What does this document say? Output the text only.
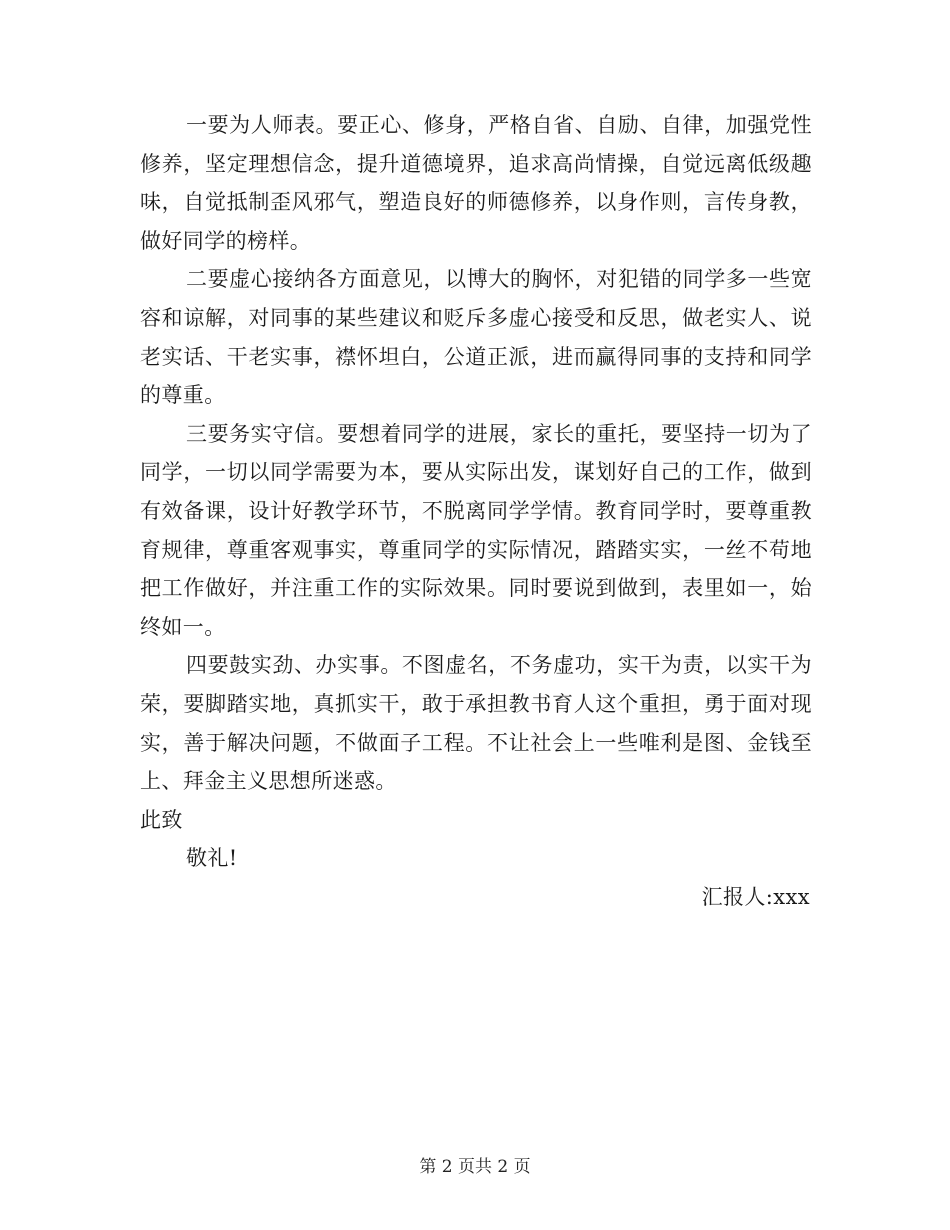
一要为人师表。要正心、修身，严格自省、自励、自律，加强党性修养，坚定理想信念，提升道德境界，追求高尚情操，自觉远离低级趣味，自觉抵制歪风邪气，塑造良好的师德修养，以身作则，言传身教，做好同学的榜样。

二要虚心接纳各方面意见，以博大的胸怀，对犯错的同学多一些宽容和谅解，对同事的某些建议和贬斥多虚心接受和反思，做老实人、说老实话、干老实事，襟怀坦白，公道正派，进而赢得同事的支持和同学的尊重。

三要务实守信。要想着同学的进展，家长的重托，要坚持一切为了同学，一切以同学需要为本，要从实际出发，谋划好自己的工作，做到有效备课，设计好教学环节，不脱离同学学情。教育同学时，要尊重教育规律，尊重客观事实，尊重同学的实际情况，踏踏实实，一丝不苟地把工作做好，并注重工作的实际效果。同时要说到做到，表里如一，始终如一。

四要鼓实劲、办实事。不图虚名，不务虚功，实干为责，以实干为荣，要脚踏实地，真抓实干，敢于承担教书育人这个重担，勇于面对现实，善于解决问题，不做面子工程。不让社会上一些唯利是图、金钱至上、拜金主义思想所迷惑。

此致

敬礼!

汇报人:xxx

第 2 页共 2 页
